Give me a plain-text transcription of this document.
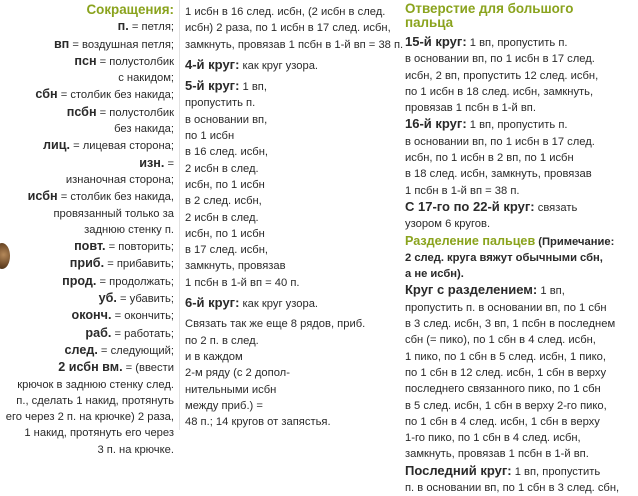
Сокращения:

п. = петля;

вп = воздушная петля;

псн = полустолбик

с накидом;

сбн = столбик без накида;

псбн = полустолбик

без накида;

лиц. = лицевая сторона;

изн. =

изнаночная сторона;

исбн = столбик без накида,

провязанный только за

заднюю стенку п.

повт. = повторить;

приб. = прибавить;

прод. = продолжать;

уб. = убавить;

оконч. = окончить;

раб. = работать;

след. = следующий;

2 исбн вм. = (ввести

крючок в заднюю стенку след.

п., сделать 1 накид, протянуть

его через 2 п. на крючке) 2 раза,

1 накид, протянуть его через

3 п. на крючке.

1 исбн в 16 след. исбн, (2 исбн в след.

исбн) 2 раза, по 1 исбн в 17 след. исбн,

замкнуть, провязав 1 псбн в 1-й вп = 38 п.

4-й круг: как круг узора.

5-й круг: 1 вп,

пропустить п.

в основании вп,

по 1 исбн

в 16 след. исбн,

2 исбн в след.

исбн, по 1 исбн

в 2 след. исбн,

2 исбн в след.

исбн, по 1 исбн

в 17 след. исбн,

замкнуть, провязав

1 псбн в 1-й вп = 40 п.

6-й круг: как круг узора.

Связать так же еще 8 рядов, приб.

по 2 п. в след.

и в каждом

2-м ряду (с 2 допол-

нительными исбн

между приб.) =

48 п.; 14 кругов от запястья.

Отверстие для большого

пальца

15-й круг: 1 вп, пропустить п.

в основании вп, по 1 исбн в 17 след.

исбн, 2 вп, пропустить 12 след. исбн,

по 1 исбн в 18 след. исбн, замкнуть,

провязав 1 псбн в 1-й вп.

16-й круг: 1 вп, пропустить п.

в основании вп, по 1 исбн в 17 след.

исбн, по 1 исбн в 2 вп, по 1 исбн

в 18 след. исбн, замкнуть, провязав

1 псбн в 1-й вп = 38 п.

С 17-го по 22-й круг: связать

узором 6 кругов.

Разделение пальцев (Примечание:

2 след. круга вяжут обычными сбн,

а не исбн).

Круг с разделением: 1 вп,

пропустить п. в основании вп, по 1 сбн

в 3 след. исбн, 3 вп, 1 псбн в последнем

сбн (= пико), по 1 сбн в 4 след. исбн,

1 пико, по 1 сбн в 5 след. исбн, 1 пико,

по 1 сбн в 12 след. исбн, 1 сбн в верху

последнего связанного пико, по 1 сбн

в 5 след. исбн, 1 сбн в верху 2-го пико,

по 1 сбн в 4 след. исбн, 1 сбн в верху

1-го пико, по 1 сбн в 4 след. исбн,

замкнуть, провязав 1 псбн в 1-й вп.

Последний круг: 1 вп, пропустить

п. в основании вп, по 1 сбн в 3 след. сбн,
